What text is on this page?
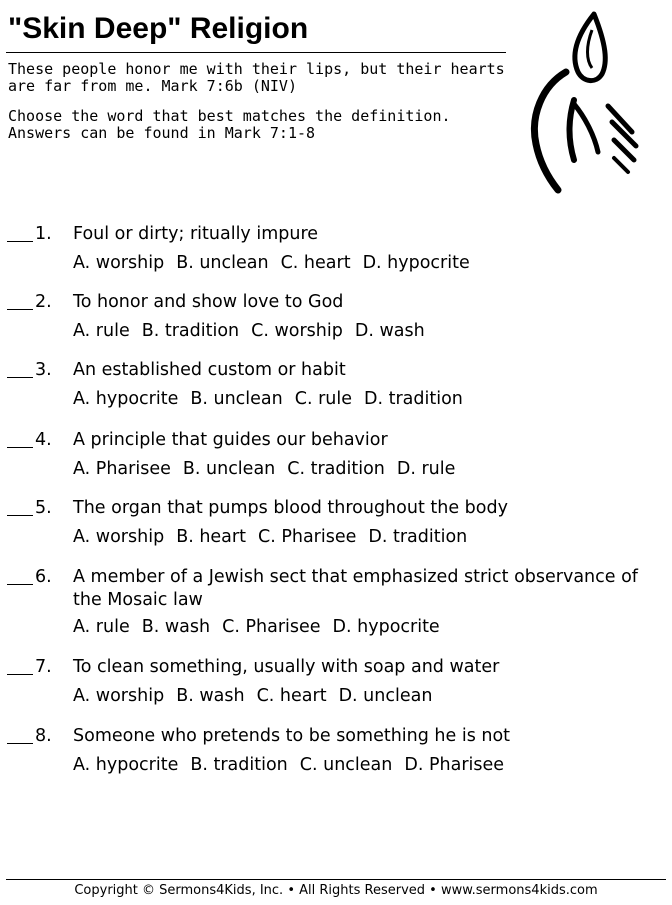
"Skin Deep" Religion
These people honor me with their lips, but their hearts
are far from me. Mark 7:6b (NIV)
Choose the word that best matches the definition.
Answers can be found in Mark 7:1-8
1. Foul or dirty; ritually impure
A. worship B. unclean C. heart D. hypocrite
2. To honor and show love to God
A. rule B. tradition C. worship D. wash
3. An established custom or habit
A. hypocrite B. unclean C. rule D. tradition
4. A principle that guides our behavior
A. Pharisee B. unclean C. tradition D. rule
5. The organ that pumps blood throughout the body
A. worship B. heart C. Pharisee D. tradition
6. A member of a Jewish sect that emphasized strict observance of the Mosaic law
A. rule B. wash C. Pharisee D. hypocrite
7. To clean something, usually with soap and water
A. worship B. wash C. heart D. unclean
8. Someone who pretends to be something he is not
A. hypocrite B. tradition C. unclean D. Pharisee
Copyright © Sermons4Kids, Inc. • All Rights Reserved • www.sermons4kids.com
